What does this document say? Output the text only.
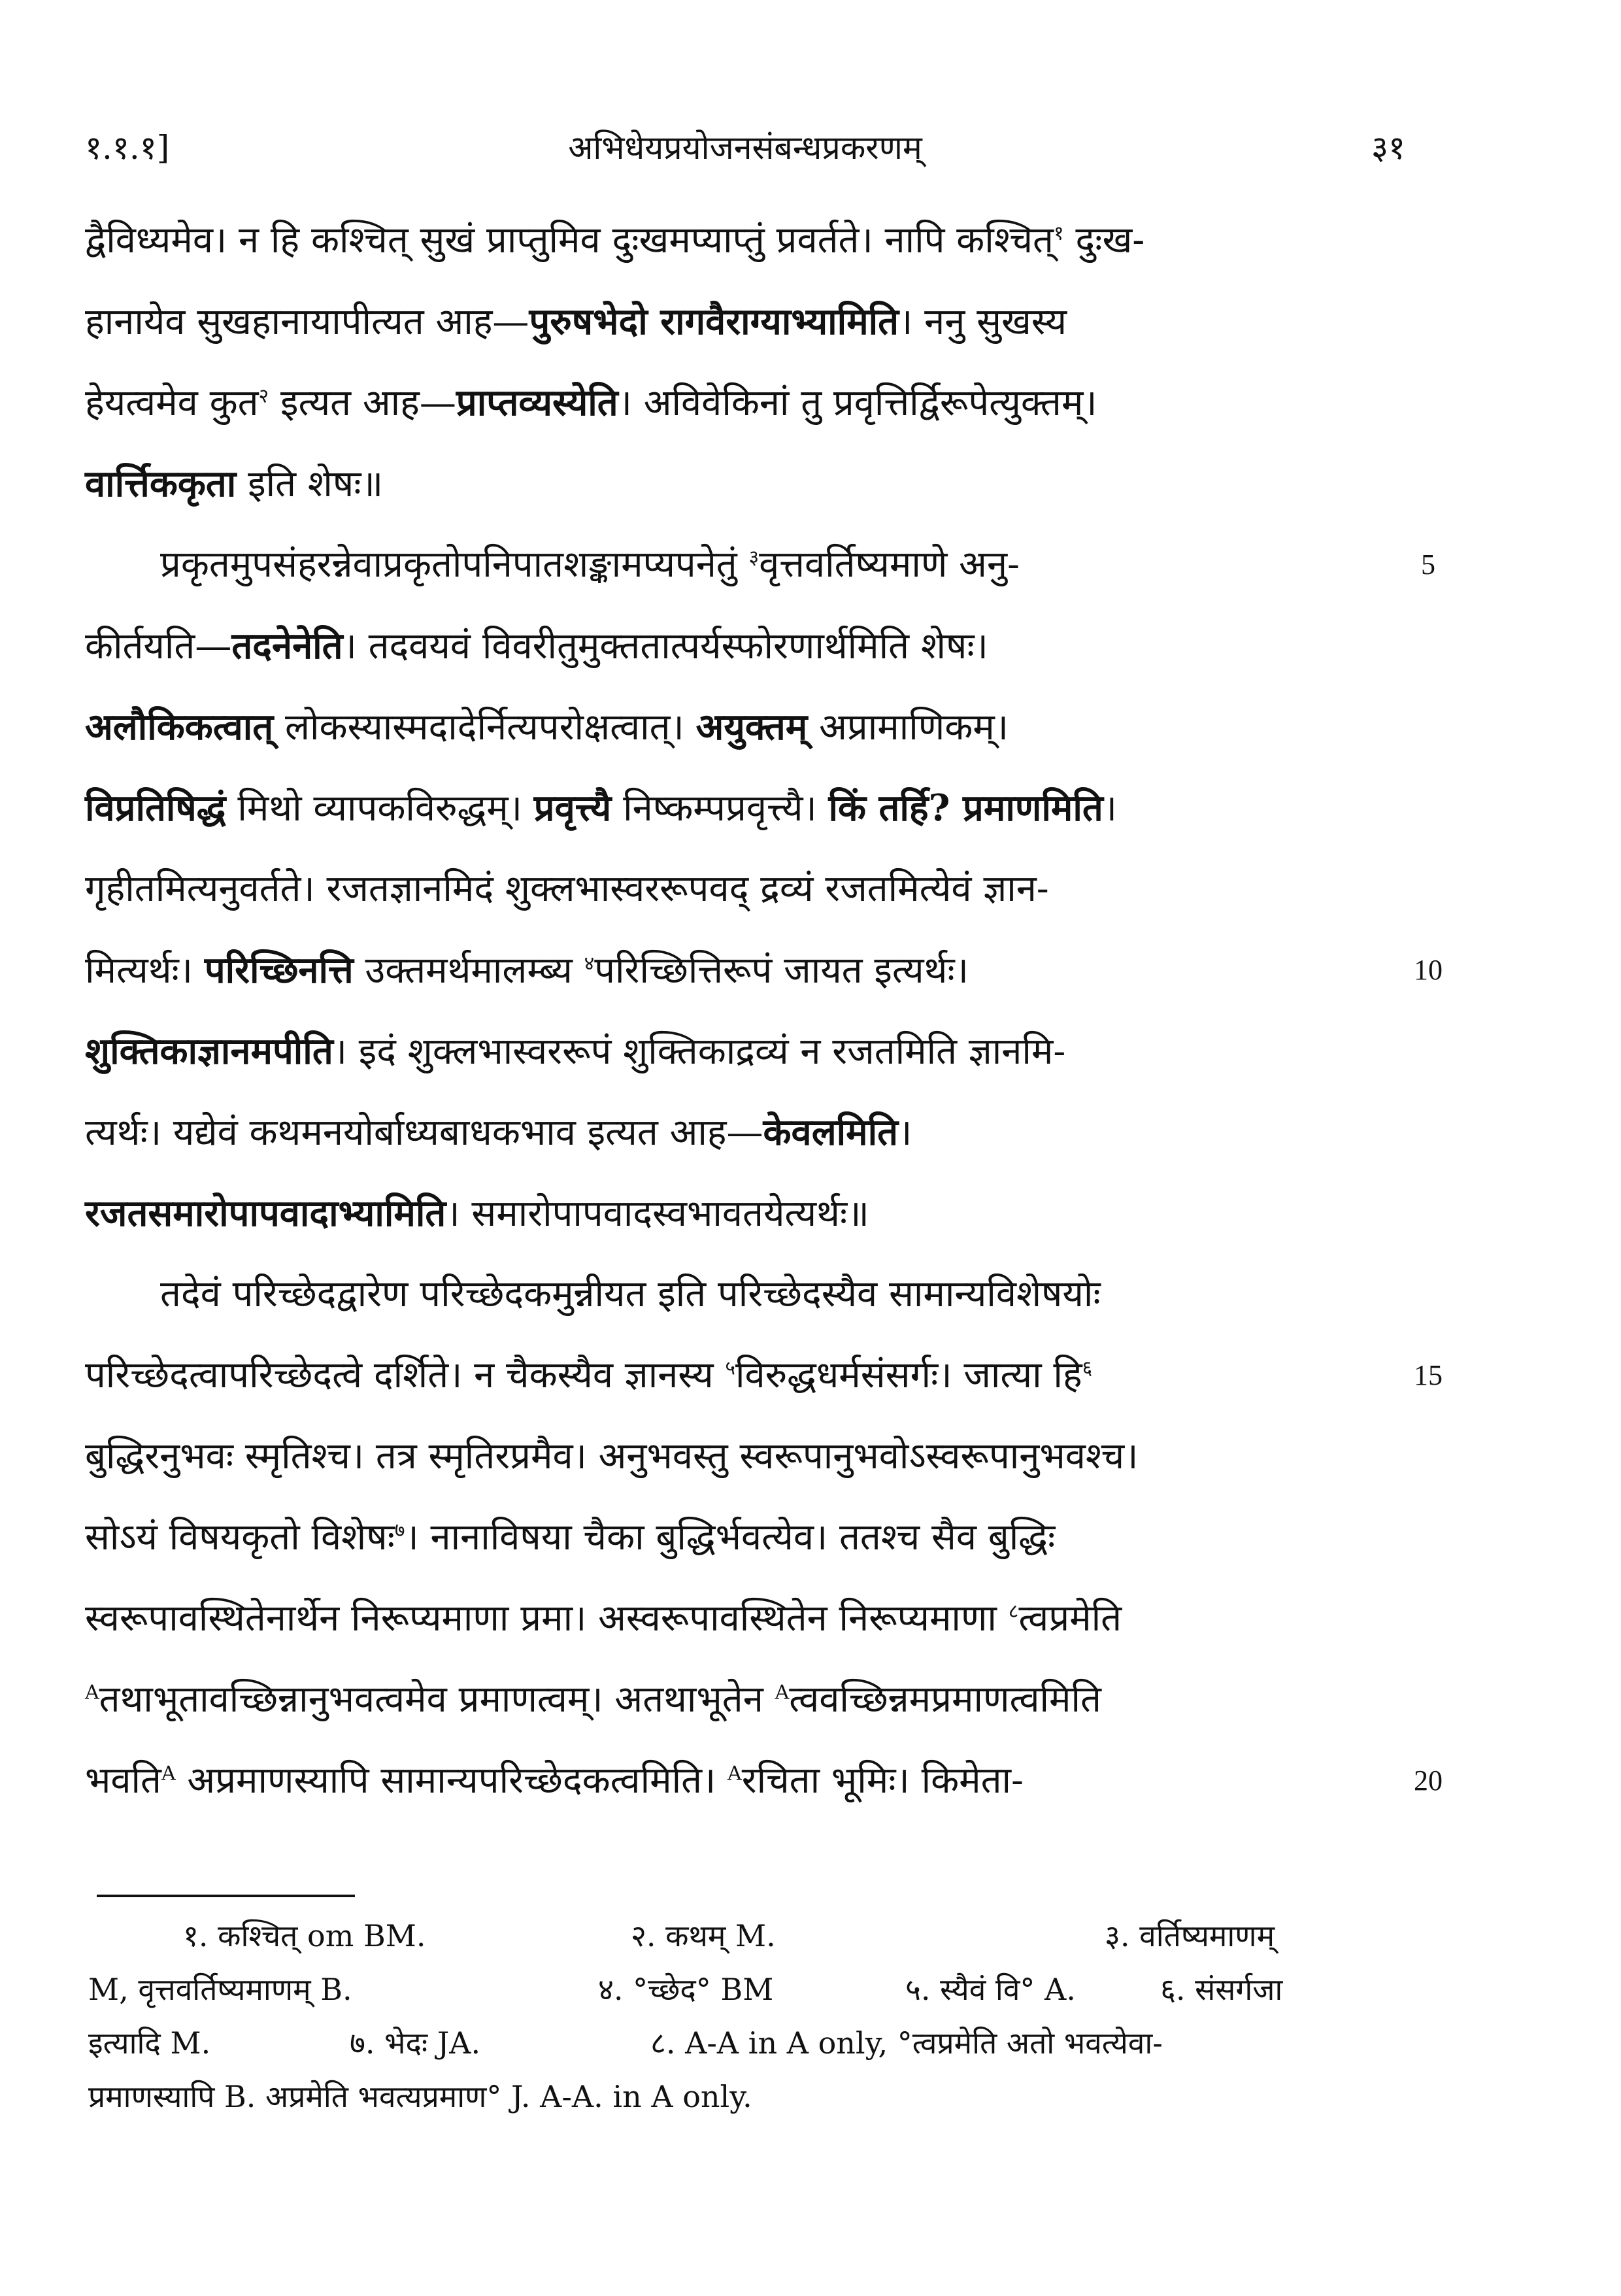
१.१.१]	अभिधेयप्रयोजनसंबन्धप्रकरणम्	३१
द्वैविध्यमेव। न हि कश्चित् सुखं प्राप्तुमिव दुःखमप्याप्तुं प्रवर्तते। नापि कश्चित्$^१$ दुःख-
हानायेव सुखहानायापीत्यत आह—पुरुषभेदो रागवैराग्याभ्यामिति। ननु सुखस्य
हेयत्वमेव कुत$^२$ इत्यत आह—प्राप्तव्यस्येति। अविवेकिनां तु प्रवृत्तिर्द्विरूपेत्युक्तम्।
वार्त्तिककृता इति शेषः॥
प्रकृतमुपसंहरन्नेवाप्रकृतोपनिपातशङ्कामप्यपनेतुं $^३$वृत्तवर्तिष्यमाणे अनु-	5
कीर्तयति—तदनेनेति। तदवयवं विवरीतुमुक्ततात्पर्यस्फोरणार्थमिति शेषः।
अलौकिकत्वात् लोकस्यास्मदादेर्नित्यपरोक्षत्वात्। अयुक्तम् अप्रामाणिकम्।
विप्रतिषिद्धं मिथो व्यापकविरुद्धम्। प्रवृत्त्यै निष्कम्पप्रवृत्त्यै। किं तर्हि? प्रमाणमिति।
गृहीतमित्यनुवर्तते। रजतज्ञानमिदं शुक्लभास्वररूपवद् द्रव्यं रजतमित्येवं ज्ञान-
मित्यर्थः। परिच्छिनत्ति उक्तमर्थमालम्ब्य $^४$परिच्छित्तिरूपं जायत इत्यर्थः।	10
शुक्तिकाज्ञानमपीति। इदं शुक्लभास्वररूपं शुक्तिकाद्रव्यं न रजतमिति ज्ञानमि-
त्यर्थः। यद्येवं कथमनयोर्बाध्यबाधकभाव इत्यत आह—केवलमिति।
रजतसमारोपापवादाभ्यामिति। समारोपापवादस्वभावतयेत्यर्थः॥
तदेवं परिच्छेदद्वारेण परिच्छेदकमुन्नीयत इति परिच्छेदस्यैव सामान्यविशेषयोः
परिच्छेदत्वापरिच्छेदत्वे दर्शिते। न चैकस्यैव ज्ञानस्य $^५$विरुद्धधर्मसंसर्गः। जात्या हि$^६$	15
बुद्धिरनुभवः स्मृतिश्च। तत्र स्मृतिरप्रमैव। अनुभवस्तु स्वरूपानुभवोऽस्वरूपानुभवश्च।
सोऽयं विषयकृतो विशेषः$^७$। नानाविषया चैका बुद्धिर्भवत्येव। ततश्च सैव बुद्धिः
स्वरूपावस्थितेनार्थेन निरूप्यमाणा प्रमा। अस्वरूपावस्थितेन निरूप्यमाणा $^८$त्वप्रमेति
$^A$तथाभूतावच्छिन्नानुभवत्वमेव प्रमाणत्वम्। अतथाभूतेन $^A$त्ववच्छिन्नमप्रमाणत्वमिति
भवति$^A$ अप्रमाणस्यापि सामान्यपरिच्छेदकत्वमिति। $^A$रचिता भूमिः। किमेता-	20
१. कश्चित् om BM.	२. कथम् M.	३. वर्तिष्यमाणम्
M, वृत्तवर्तिष्यमाणम् B.	४. °च्छेद° BM	५. स्यैवं वि° A.	६. संसर्गजा
इत्यादि M.	७. भेदः JA.	८. A-A in A only, °त्वप्रमेति अतो भवत्येवा-
प्रमाणस्यापि B. अप्रमेति भवत्यप्रमाण° J. A-A. in A only.
